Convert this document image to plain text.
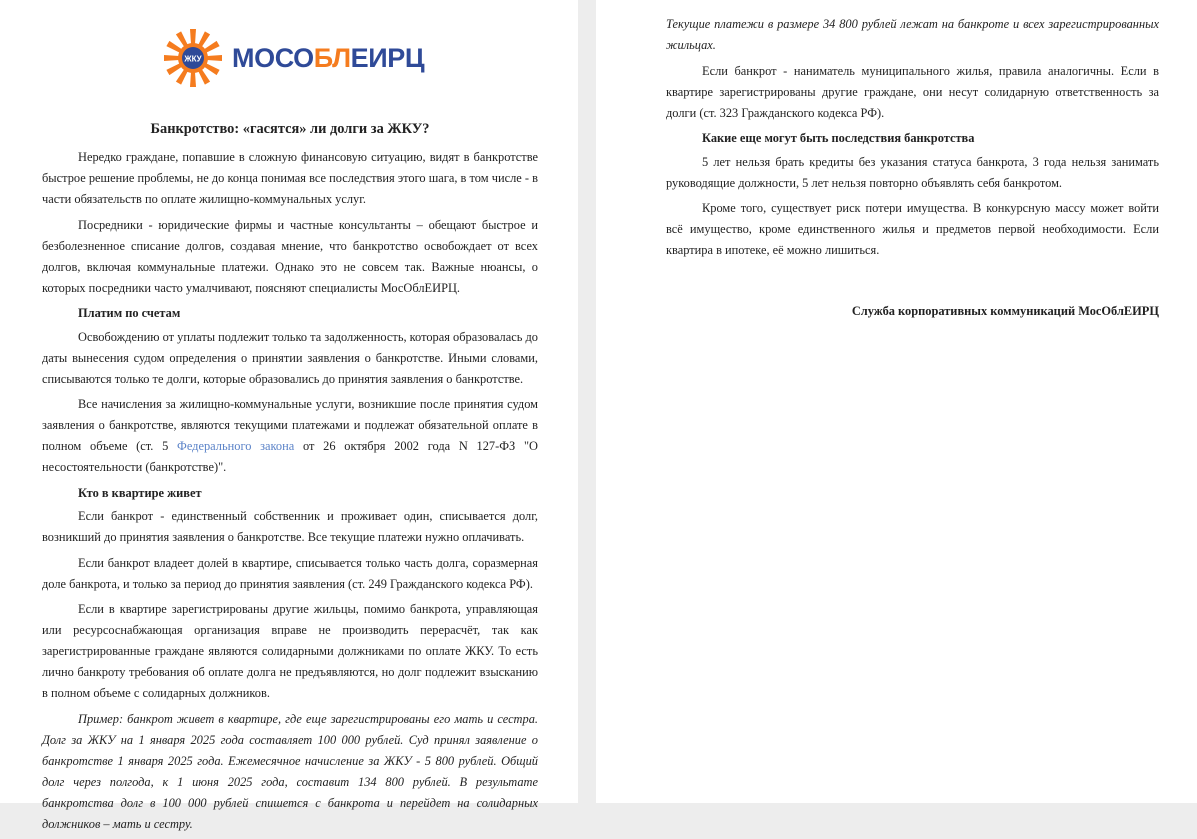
ЖКУ МОСОБЛЕИРЦ

Банкротство: «гасятся» ли долги за ЖКУ?

Нередко граждане, попавшие в сложную финансовую ситуацию, видят в банкротстве быстрое решение проблемы, не до конца понимая все последствия этого шага, в том числе - в части обязательств по оплате жилищно-коммунальных услуг.

Посредники - юридические фирмы и частные консультанты – обещают быстрое и безболезненное списание долгов, создавая мнение, что банкротство освобождает от всех долгов, включая коммунальные платежи. Однако это не совсем так. Важные нюансы, о которых посредники часто умалчивают, поясняют специалисты МосОблЕИРЦ.

Платим по счетам

Освобождению от уплаты подлежит только та задолженность, которая образовалась до даты вынесения судом определения о принятии заявления о банкротстве. Иными словами, списываются только те долги, которые образовались до принятия заявления о банкротстве.

Все начисления за жилищно-коммунальные услуги, возникшие после принятия судом заявления о банкротстве, являются текущими платежами и подлежат обязательной оплате в полном объеме (ст. 5 Федерального закона от 26 октября 2002 года N 127-ФЗ "О несостоятельности (банкротстве)".

Кто в квартире живет

Если банкрот - единственный собственник и проживает один, списывается долг, возникший до принятия заявления о банкротстве. Все текущие платежи нужно оплачивать.

Если банкрот владеет долей в квартире, списывается только часть долга, соразмерная доле банкрота, и только за период до принятия заявления (ст. 249 Гражданского кодекса РФ).

Если в квартире зарегистрированы другие жильцы, помимо банкрота, управляющая или ресурсоснабжающая организация вправе не производить перерасчёт, так как зарегистрированные граждане являются солидарными должниками по оплате ЖКУ. То есть лично банкроту требования об оплате долга не предъявляются, но долг подлежит взысканию в полном объеме с солидарных должников.

Пример: банкрот живет в квартире, где еще зарегистрированы его мать и сестра. Долг за ЖКУ на 1 января 2025 года составляет 100 000 рублей. Суд принял заявление о банкротстве 1 января 2025 года. Ежемесячное начисление за ЖКУ - 5 800 рублей. Общий долг через полгода, к 1 июня 2025 года, составит 134 800 рублей. В результате банкротства долг в 100 000 рублей спишется с банкрота и перейдет на солидарных должников – мать и сестру.

Текущие платежи в размере 34 800 рублей лежат на банкроте и всех зарегистрированных жильцах.

Если банкрот - наниматель муниципального жилья, правила аналогичны. Если в квартире зарегистрированы другие граждане, они несут солидарную ответственность за долги (ст. 323 Гражданского кодекса РФ).

Какие еще могут быть последствия банкротства

5 лет нельзя брать кредиты без указания статуса банкрота, 3 года нельзя занимать руководящие должности, 5 лет нельзя повторно объявлять себя банкротом.

Кроме того, существует риск потери имущества. В конкурсную массу может войти всё имущество, кроме единственного жилья и предметов первой необходимости. Если квартира в ипотеке, её можно лишиться.

Служба корпоративных коммуникаций МосОблЕИРЦ
